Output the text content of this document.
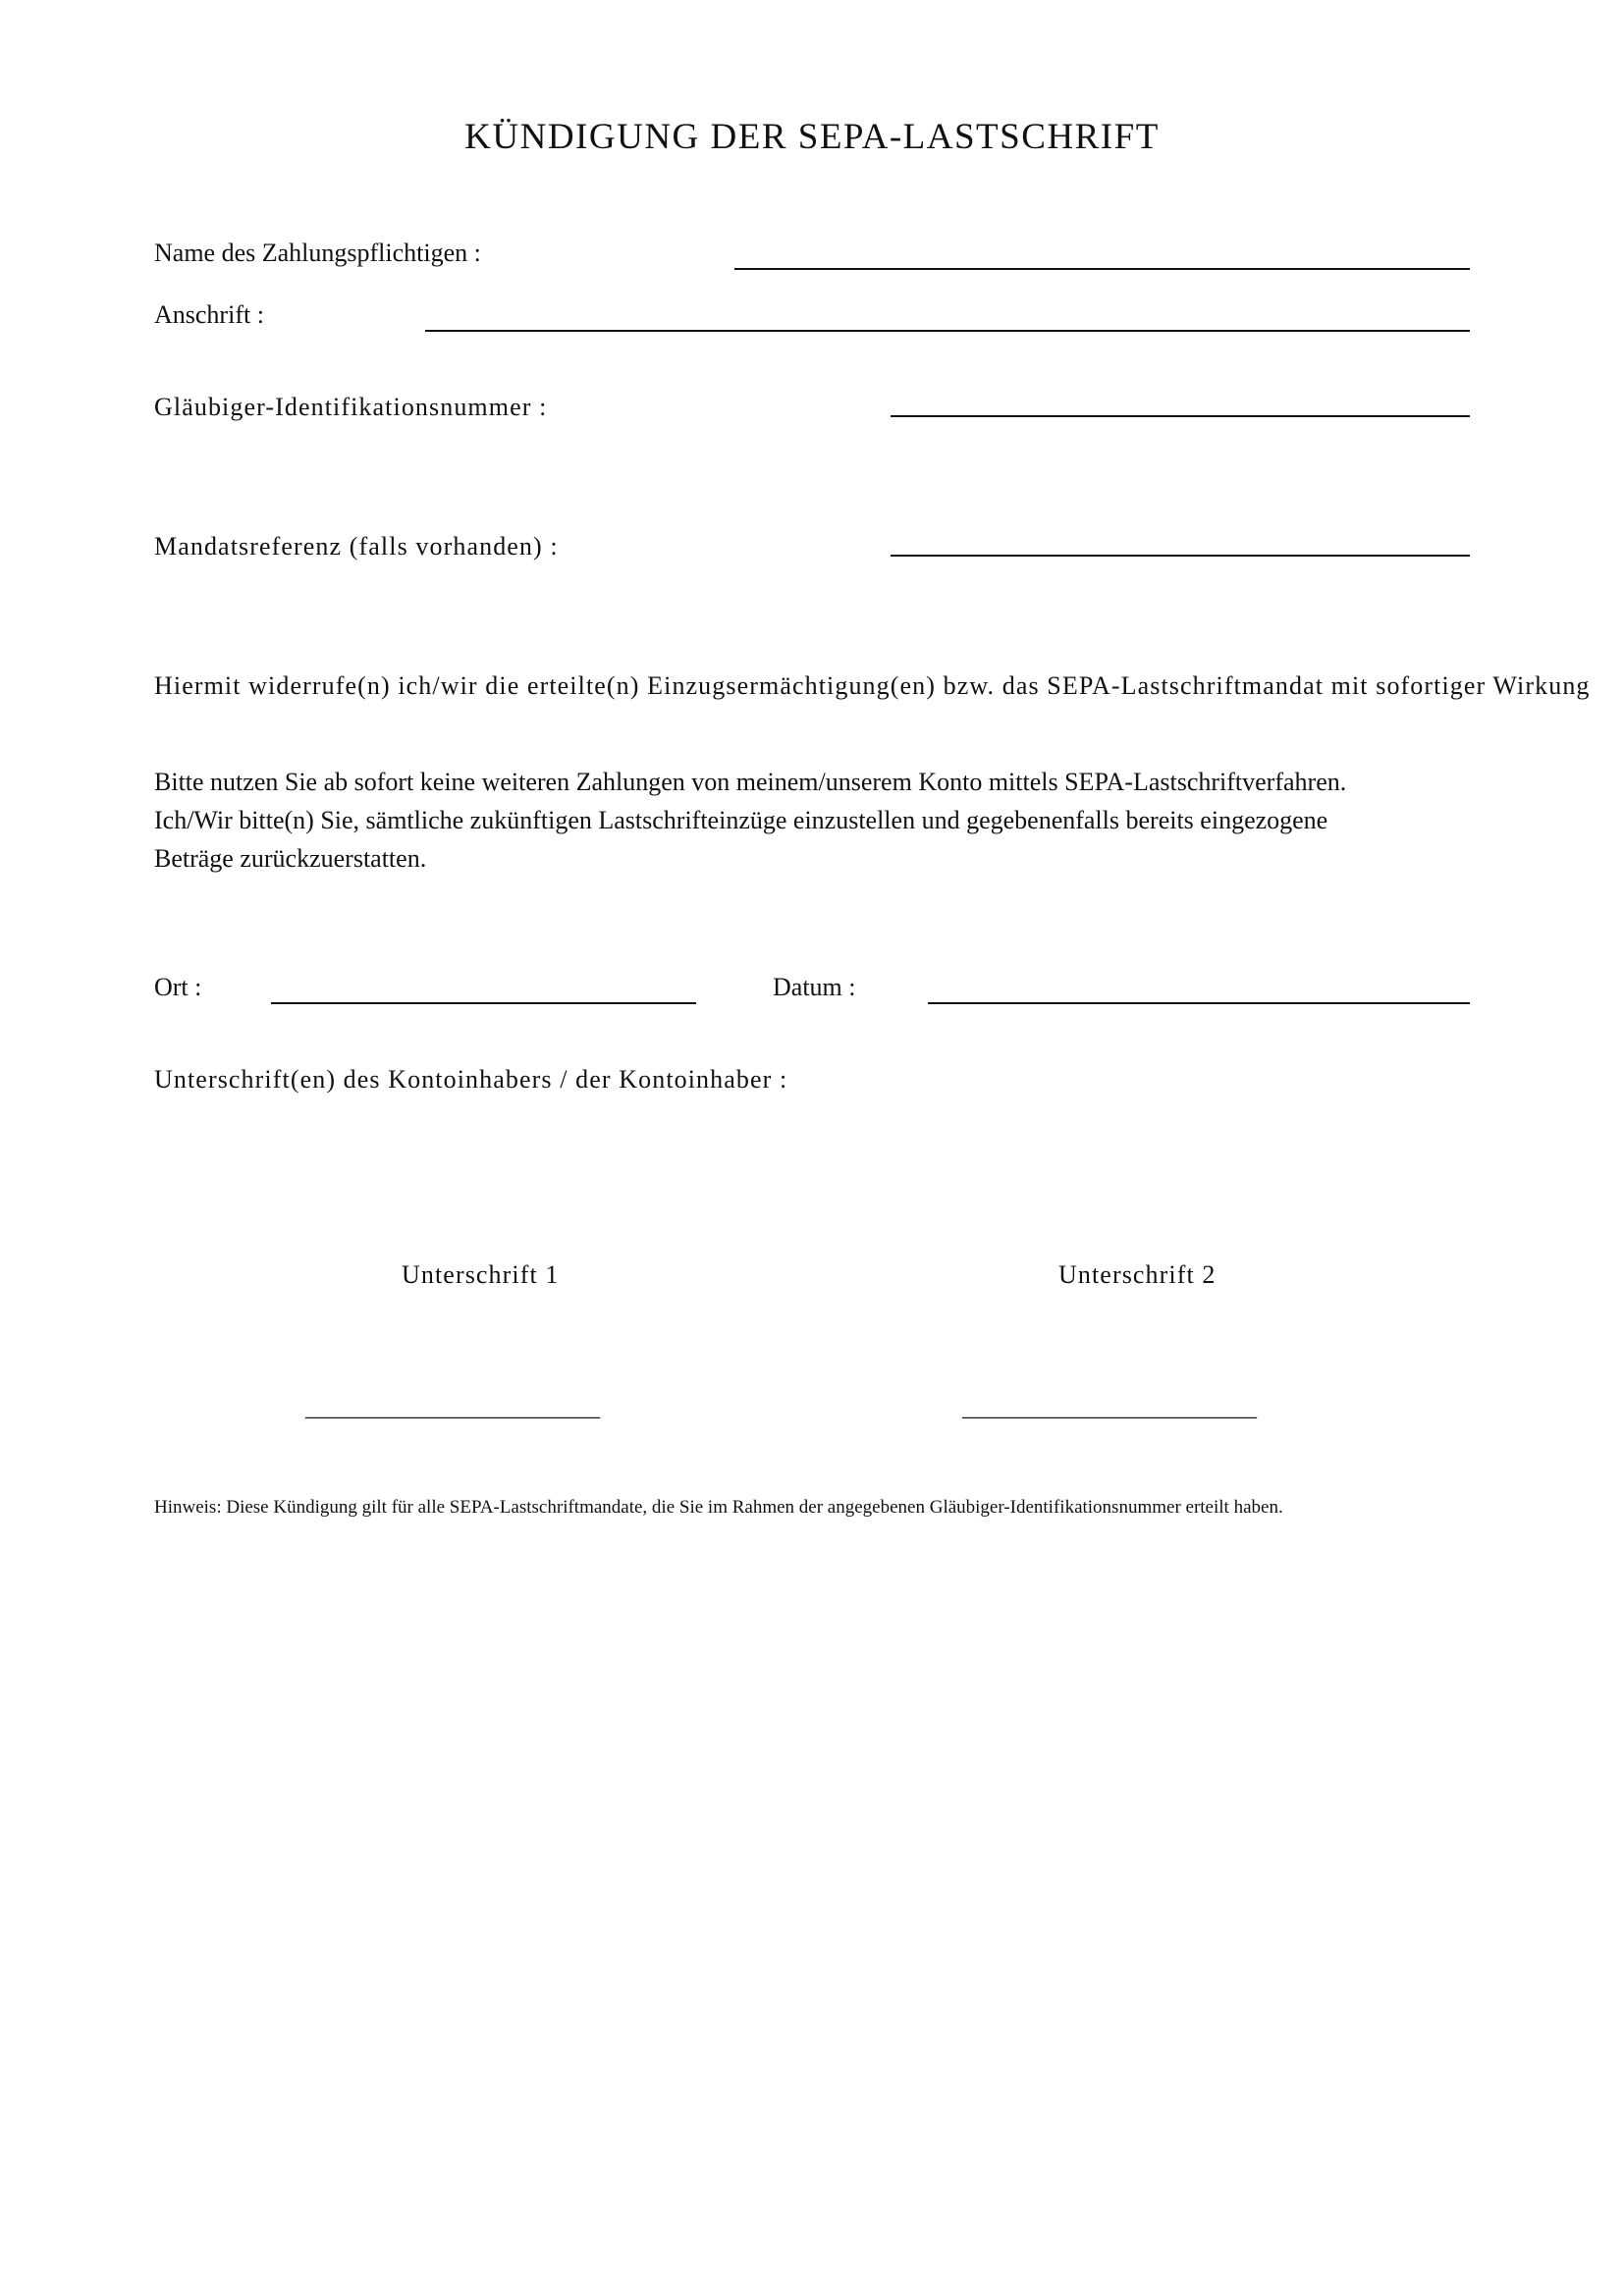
KÜNDIGUNG DER SEPA-LASTSCHRIFT
Name des Zahlungspflichtigen :
Anschrift :
Gläubiger-Identifikationsnummer :
Mandatsreferenz (falls vorhanden) :
Hiermit widerrufe(n) ich/wir die erteilte(n) Einzugsermächtigung(en) bzw. das SEPA-Lastschriftmandat mit sofortiger Wirkung
Bitte nutzen Sie ab sofort keine weiteren Zahlungen von meinem/unserem Konto mittels SEPA-Lastschriftverfahren.
Ich/Wir bitte(n) Sie, sämtliche zukünftigen Lastschrifteinzüge einzustellen und gegebenenfalls bereits eingezogene
Beträge zurückzuerstatten.
Ort :	Datum :
Unterschrift(en) des Kontoinhabers / der Kontoinhaber :
Unterschrift 1	Unterschrift 2
_________________________	_________________________
Hinweis: Diese Kündigung gilt für alle SEPA-Lastschriftmandate, die Sie im Rahmen der angegebenen Gläubiger-Identifikationsnummer erteilt haben.
